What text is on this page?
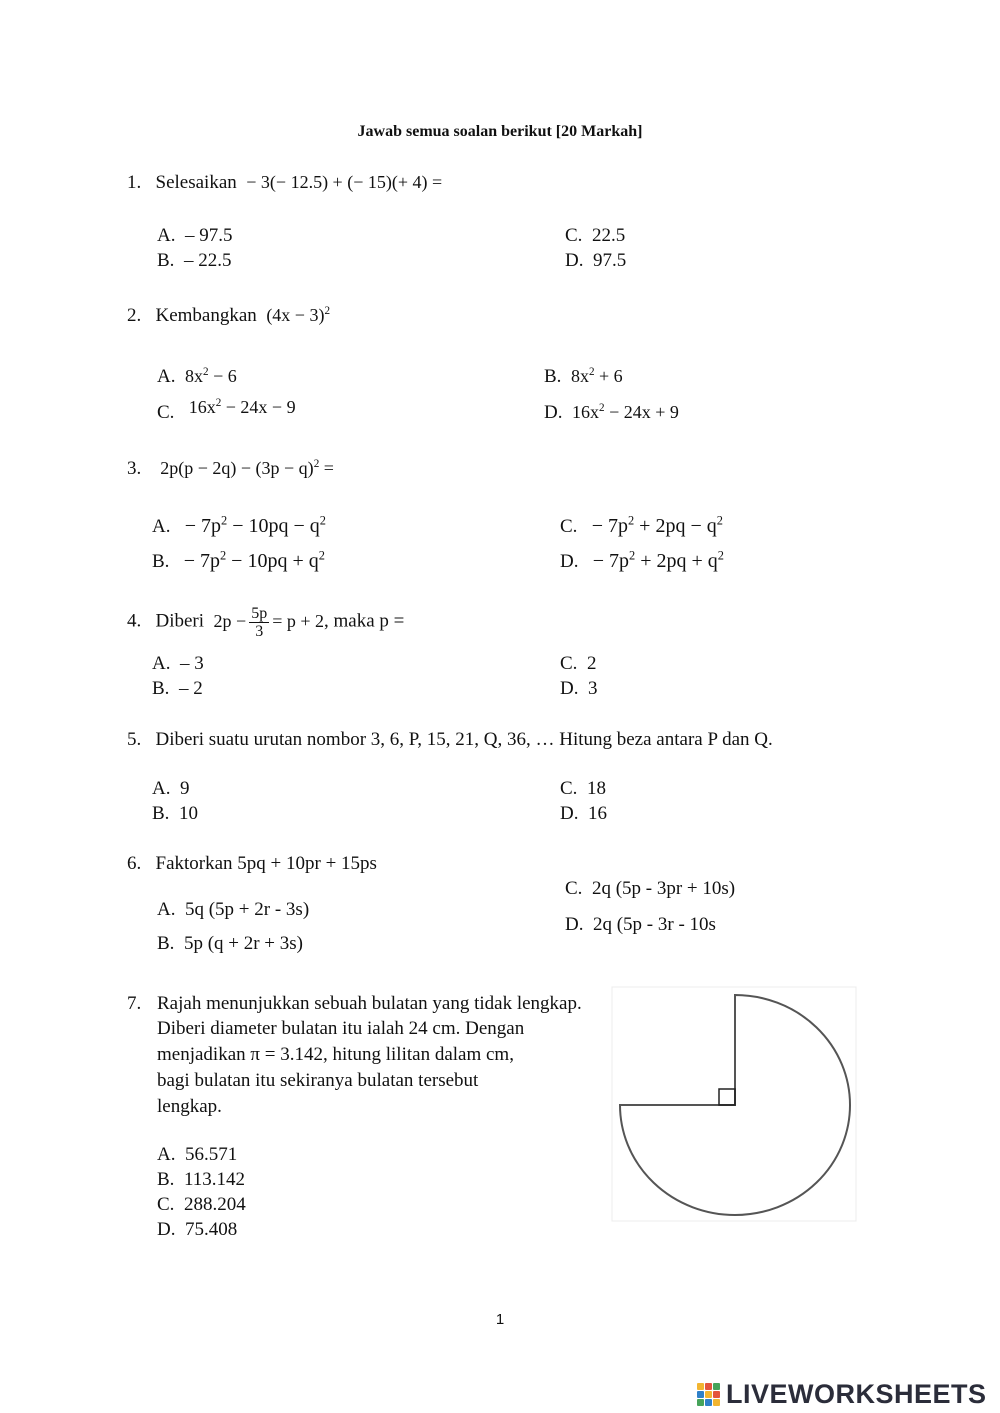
Jawab semua soalan berikut [20 Markah]
1. Selesaikan − 3(− 12.5) + (− 15)(+ 4) =
A. – 97.5
B. – 22.5
C. 22.5
D. 97.5
2. Kembangkan $(4x - 3)^2$
A. $8x^2 - 6$
C. $16x^2 - 24x - 9$
B. $8x^2 + 6$
D. $16x^2 - 24x + 9$
3. $2p(p - 2q) - (3p - q)^2$ =
A. − $7p^2 - 10pq - q^2$
B. − $7p^2 - 10pq + q^2$
C. − $7p^2 + 2pq - q^2$
D. − $7p^2 + 2pq + q^2$
4. Diberi $2p - \frac{5p}{3} = p + 2$, maka p =
A. – 3
B. – 2
C. 2
D. 3
5. Diberi suatu urutan nombor 3, 6, P, 15, 21, Q, 36, … Hitung beza antara P dan Q.
A. 9
B. 10
C. 18
D. 16
6. Faktorkan 5pq + 10pr + 15ps
A. 5q (5p + 2r - 3s)
B. 5p (q + 2r + 3s)
C. 2q (5p - 3pr + 10s)
D. 2q (5p - 3r - 10s
7. Rajah menunjukkan sebuah bulatan yang tidak lengkap.
Diberi diameter bulatan itu ialah 24 cm. Dengan
menjadikan π = 3.142, hitung lilitan dalam cm,
bagi bulatan itu sekiranya bulatan tersebut
lengkap.
A. 56.571
B. 113.142
C. 288.204
D. 75.408
1
LIVEWORKSHEETS
